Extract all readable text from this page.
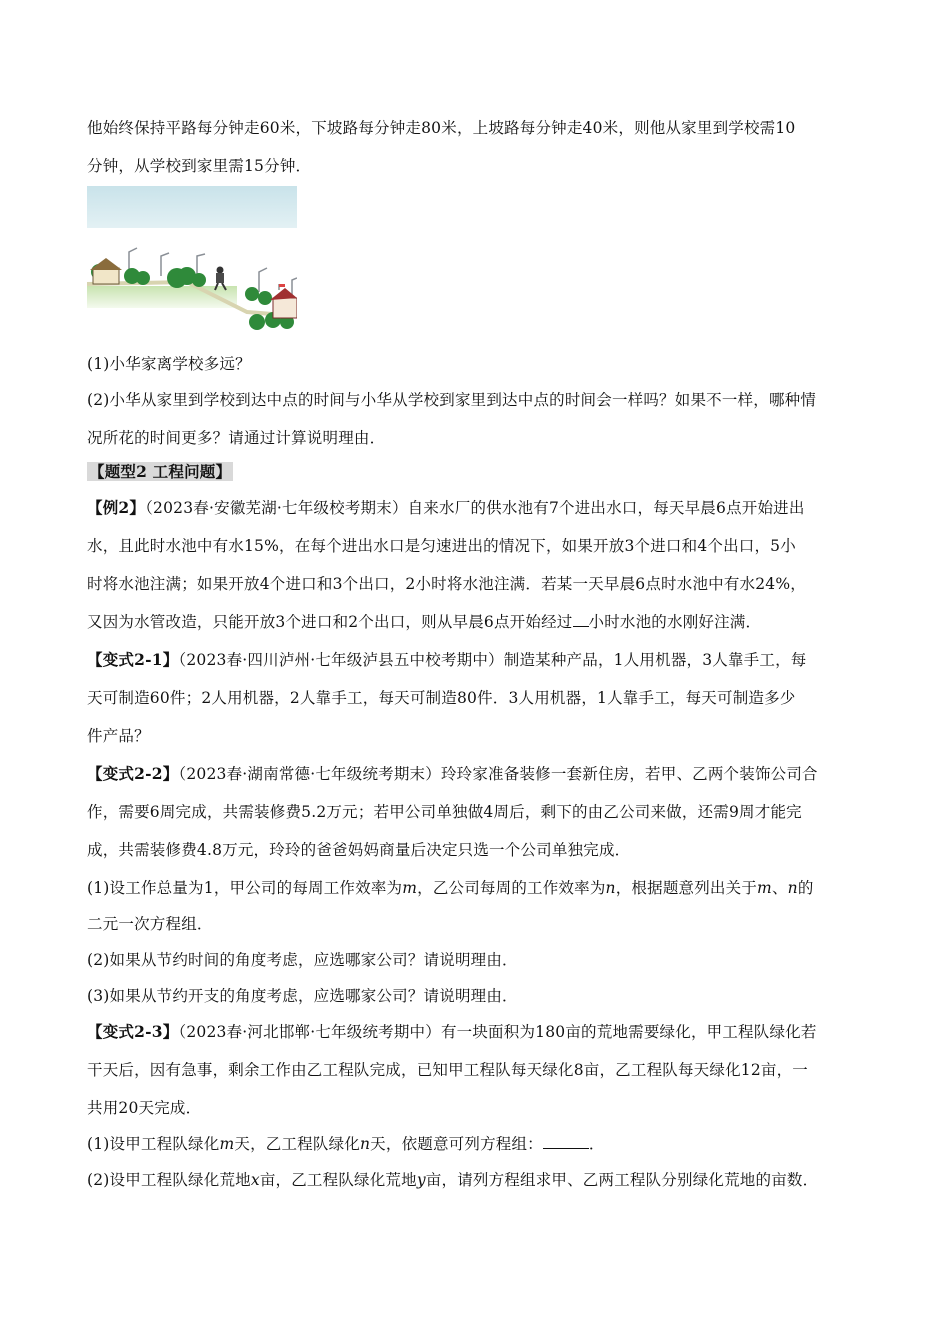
他始终保持平路每分钟走60米，下坡路每分钟走80米，上坡路每分钟走40米，则他从家里到学校需10
分钟，从学校到家里需15分钟．
(1)小华家离学校多远？
(2)小华从家里到学校到达中点的时间与小华从学校到家里到达中点的时间会一样吗？如果不一样，哪种情
况所花的时间更多？请通过计算说明理由．
【题型2 工程问题】
【例2】（2023春·安徽芜湖·七年级校考期末）自来水厂的供水池有7个进出水口，每天早晨6点开始进出
水，且此时水池中有水15%，在每个进出水口是匀速进出的情况下，如果开放3个进口和4个出口，5小
时将水池注满；如果开放4个进口和3个出口，2小时将水池注满．若某一天早晨6点时水池中有水24%，
又因为水管改造，只能开放3个进口和2个出口，则从早晨6点开始经过 小时水池的水刚好注满．
【变式2-1】（2023春·四川泸州·七年级泸县五中校考期中）制造某种产品，1人用机器，3人靠手工，每
天可制造60件；2人用机器，2人靠手工，每天可制造80件．3人用机器，1人靠手工，每天可制造多少
件产品？
【变式2-2】（2023春·湖南常德·七年级统考期末）玲玲家准备装修一套新住房，若甲、乙两个装饰公司合
作，需要6周完成，共需装修费5.2万元；若甲公司单独做4周后，剩下的由乙公司来做，还需9周才能完
成，共需装修费4.8万元，玲玲的爸爸妈妈商量后决定只选一个公司单独完成．
(1)设工作总量为1，甲公司的每周工作效率为m，乙公司每周的工作效率为n，根据题意列出关于m、n的
二元一次方程组．
(2)如果从节约时间的角度考虑，应选哪家公司？请说明理由．
(3)如果从节约开支的角度考虑，应选哪家公司？请说明理由．
【变式2-3】（2023春·河北邯郸·七年级统考期中）有一块面积为180亩的荒地需要绿化，甲工程队绿化若
干天后，因有急事，剩余工作由乙工程队完成，已知甲工程队每天绿化8亩，乙工程队每天绿化12亩，一
共用20天完成．
(1)设甲工程队绿化m天，乙工程队绿化n天，依题意可列方程组：	．
(2)设甲工程队绿化荒地x亩，乙工程队绿化荒地y亩，请列方程组求甲、乙两工程队分别绿化荒地的亩数．
